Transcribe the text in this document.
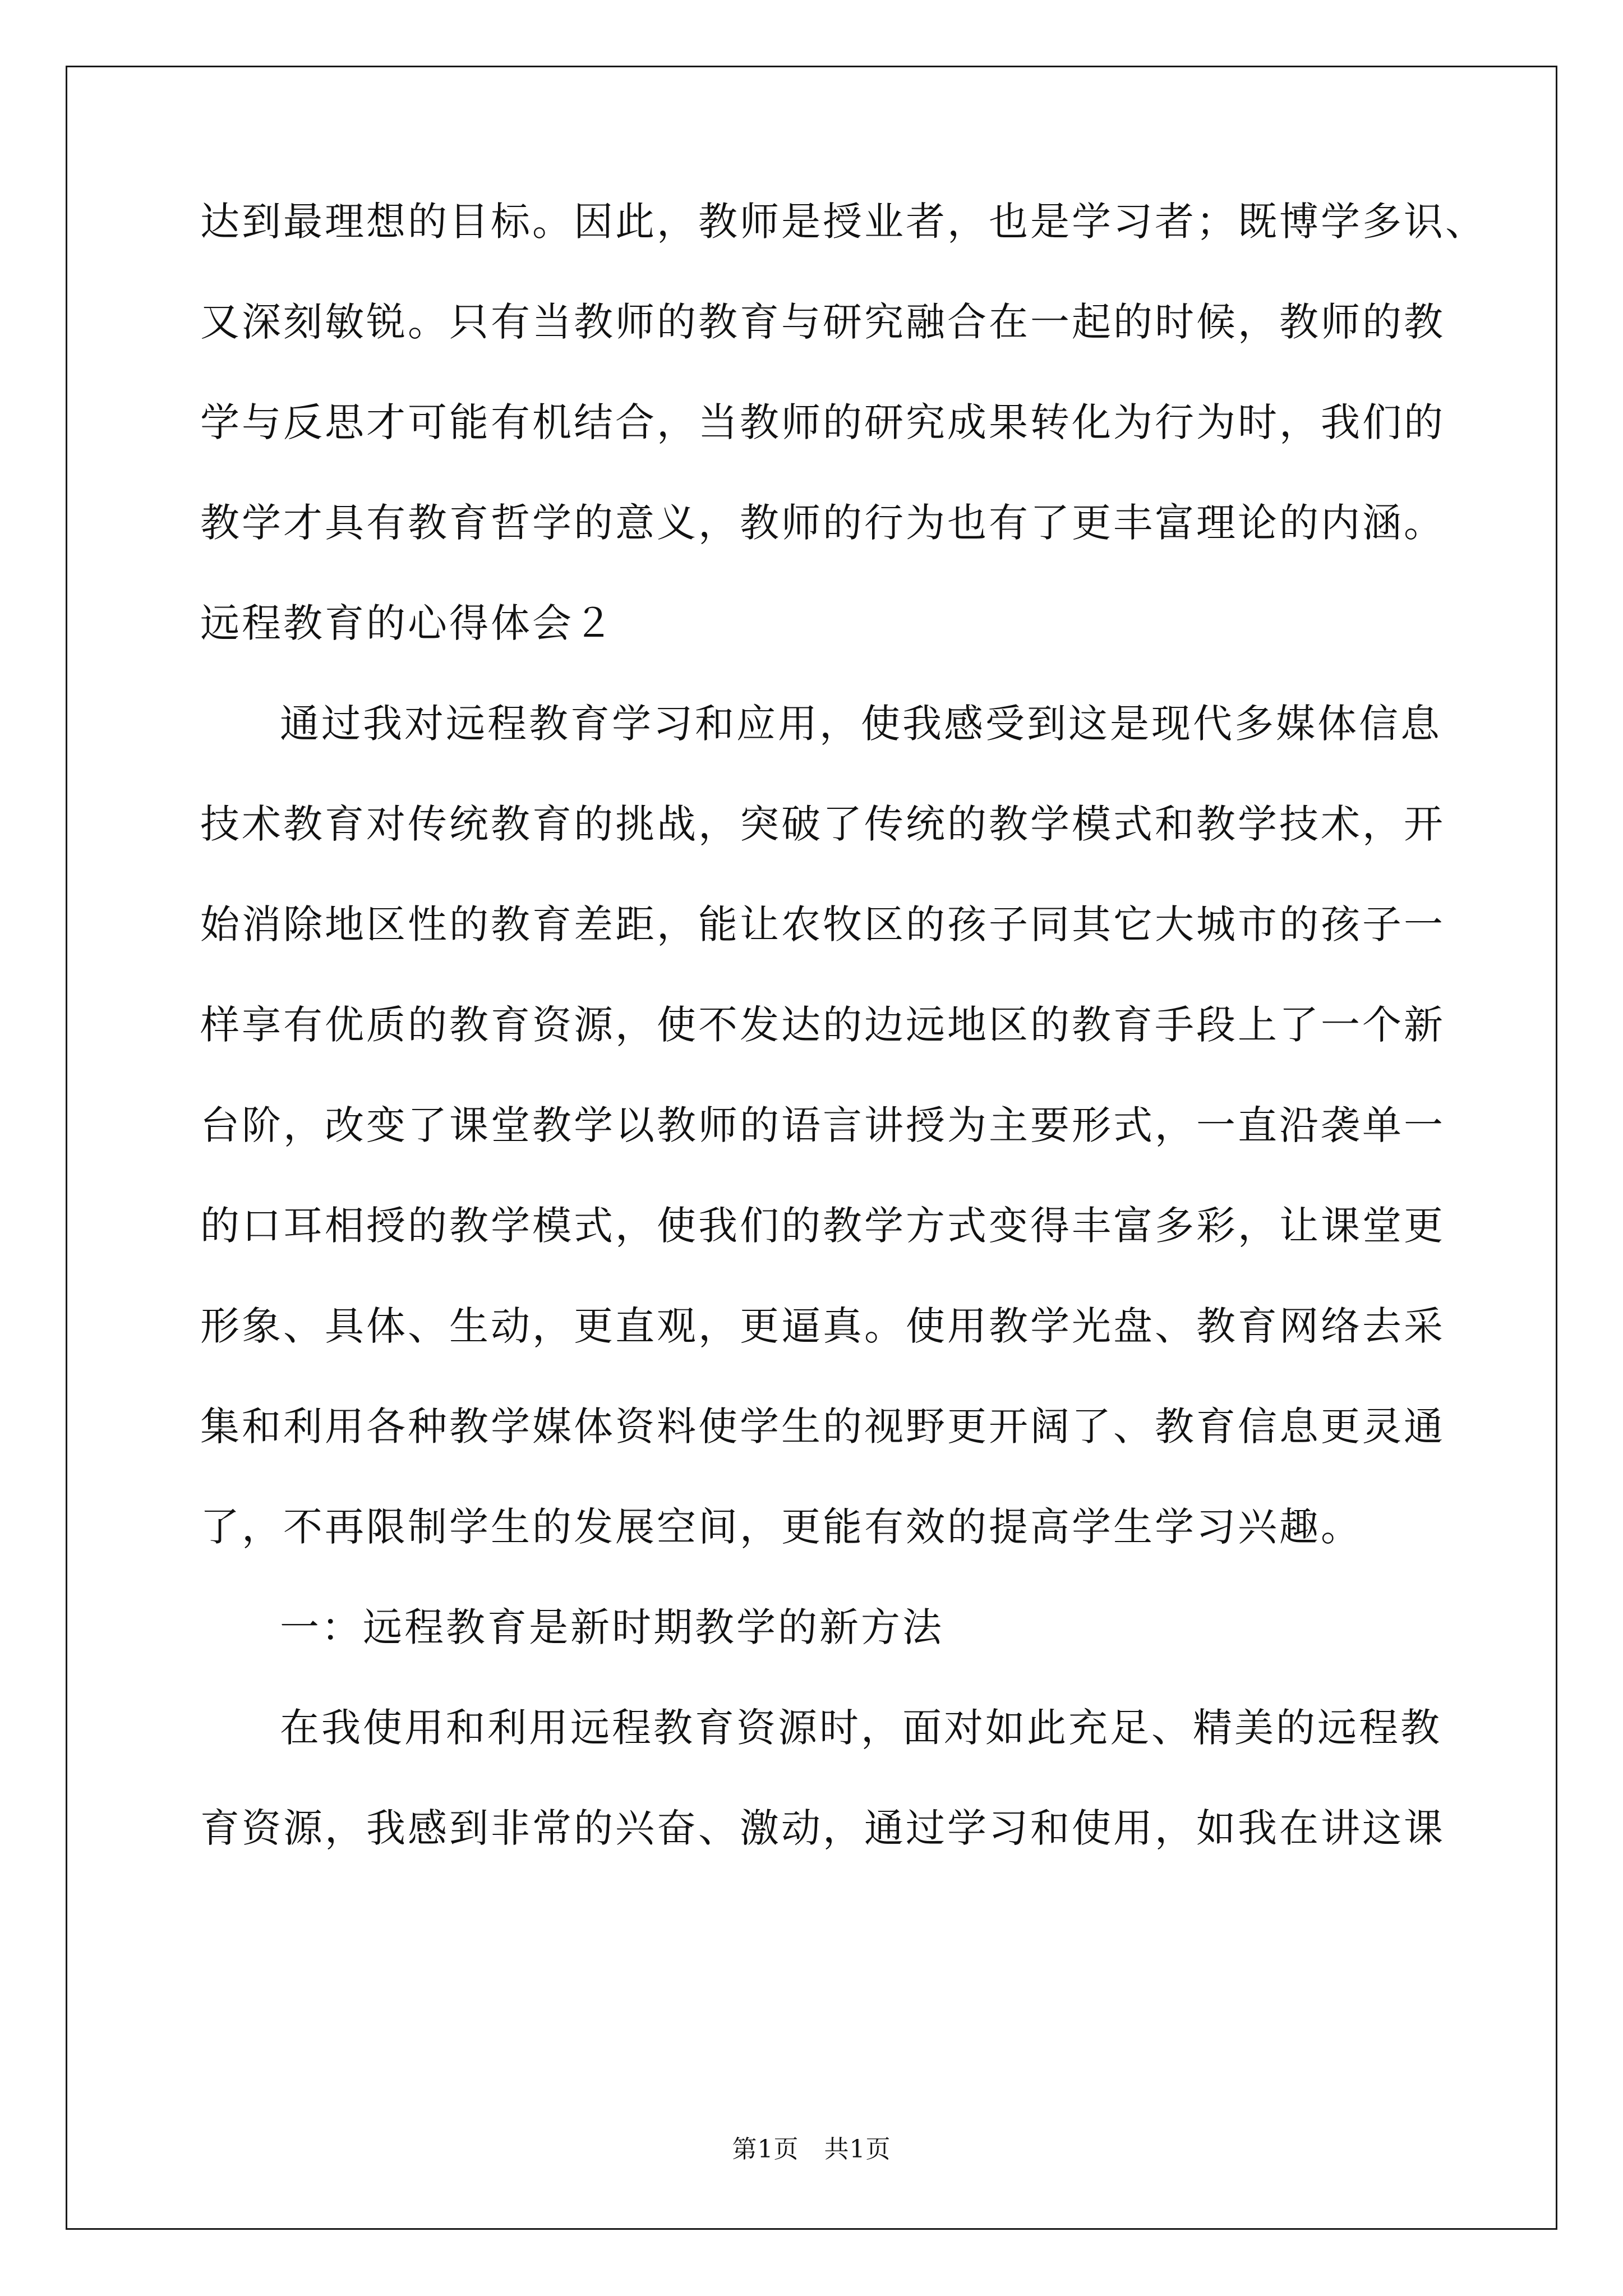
达到最理想的目标。因此，教师是授业者，也是学习者；既博学多识、
又深刻敏锐。只有当教师的教育与研究融合在一起的时候，教师的教
学与反思才可能有机结合，当教师的研究成果转化为行为时，我们的
教学才具有教育哲学的意义，教师的行为也有了更丰富理论的内涵。
远程教育的心得体会２
通过我对远程教育学习和应用，使我感受到这是现代多媒体信息
技术教育对传统教育的挑战，突破了传统的教学模式和教学技术，开
始消除地区性的教育差距，能让农牧区的孩子同其它大城市的孩子一
样享有优质的教育资源，使不发达的边远地区的教育手段上了一个新
台阶，改变了课堂教学以教师的语言讲授为主要形式，一直沿袭单一
的口耳相授的教学模式，使我们的教学方式变得丰富多彩，让课堂更
形象、具体、生动，更直观，更逼真。使用教学光盘、教育网络去采
集和利用各种教学媒体资料使学生的视野更开阔了、教育信息更灵通
了，不再限制学生的发展空间，更能有效的提高学生学习兴趣。
一：远程教育是新时期教学的新方法
在我使用和利用远程教育资源时，面对如此充足、精美的远程教
育资源，我感到非常的兴奋、激动，通过学习和使用，如我在讲这课
第1页　共1页
